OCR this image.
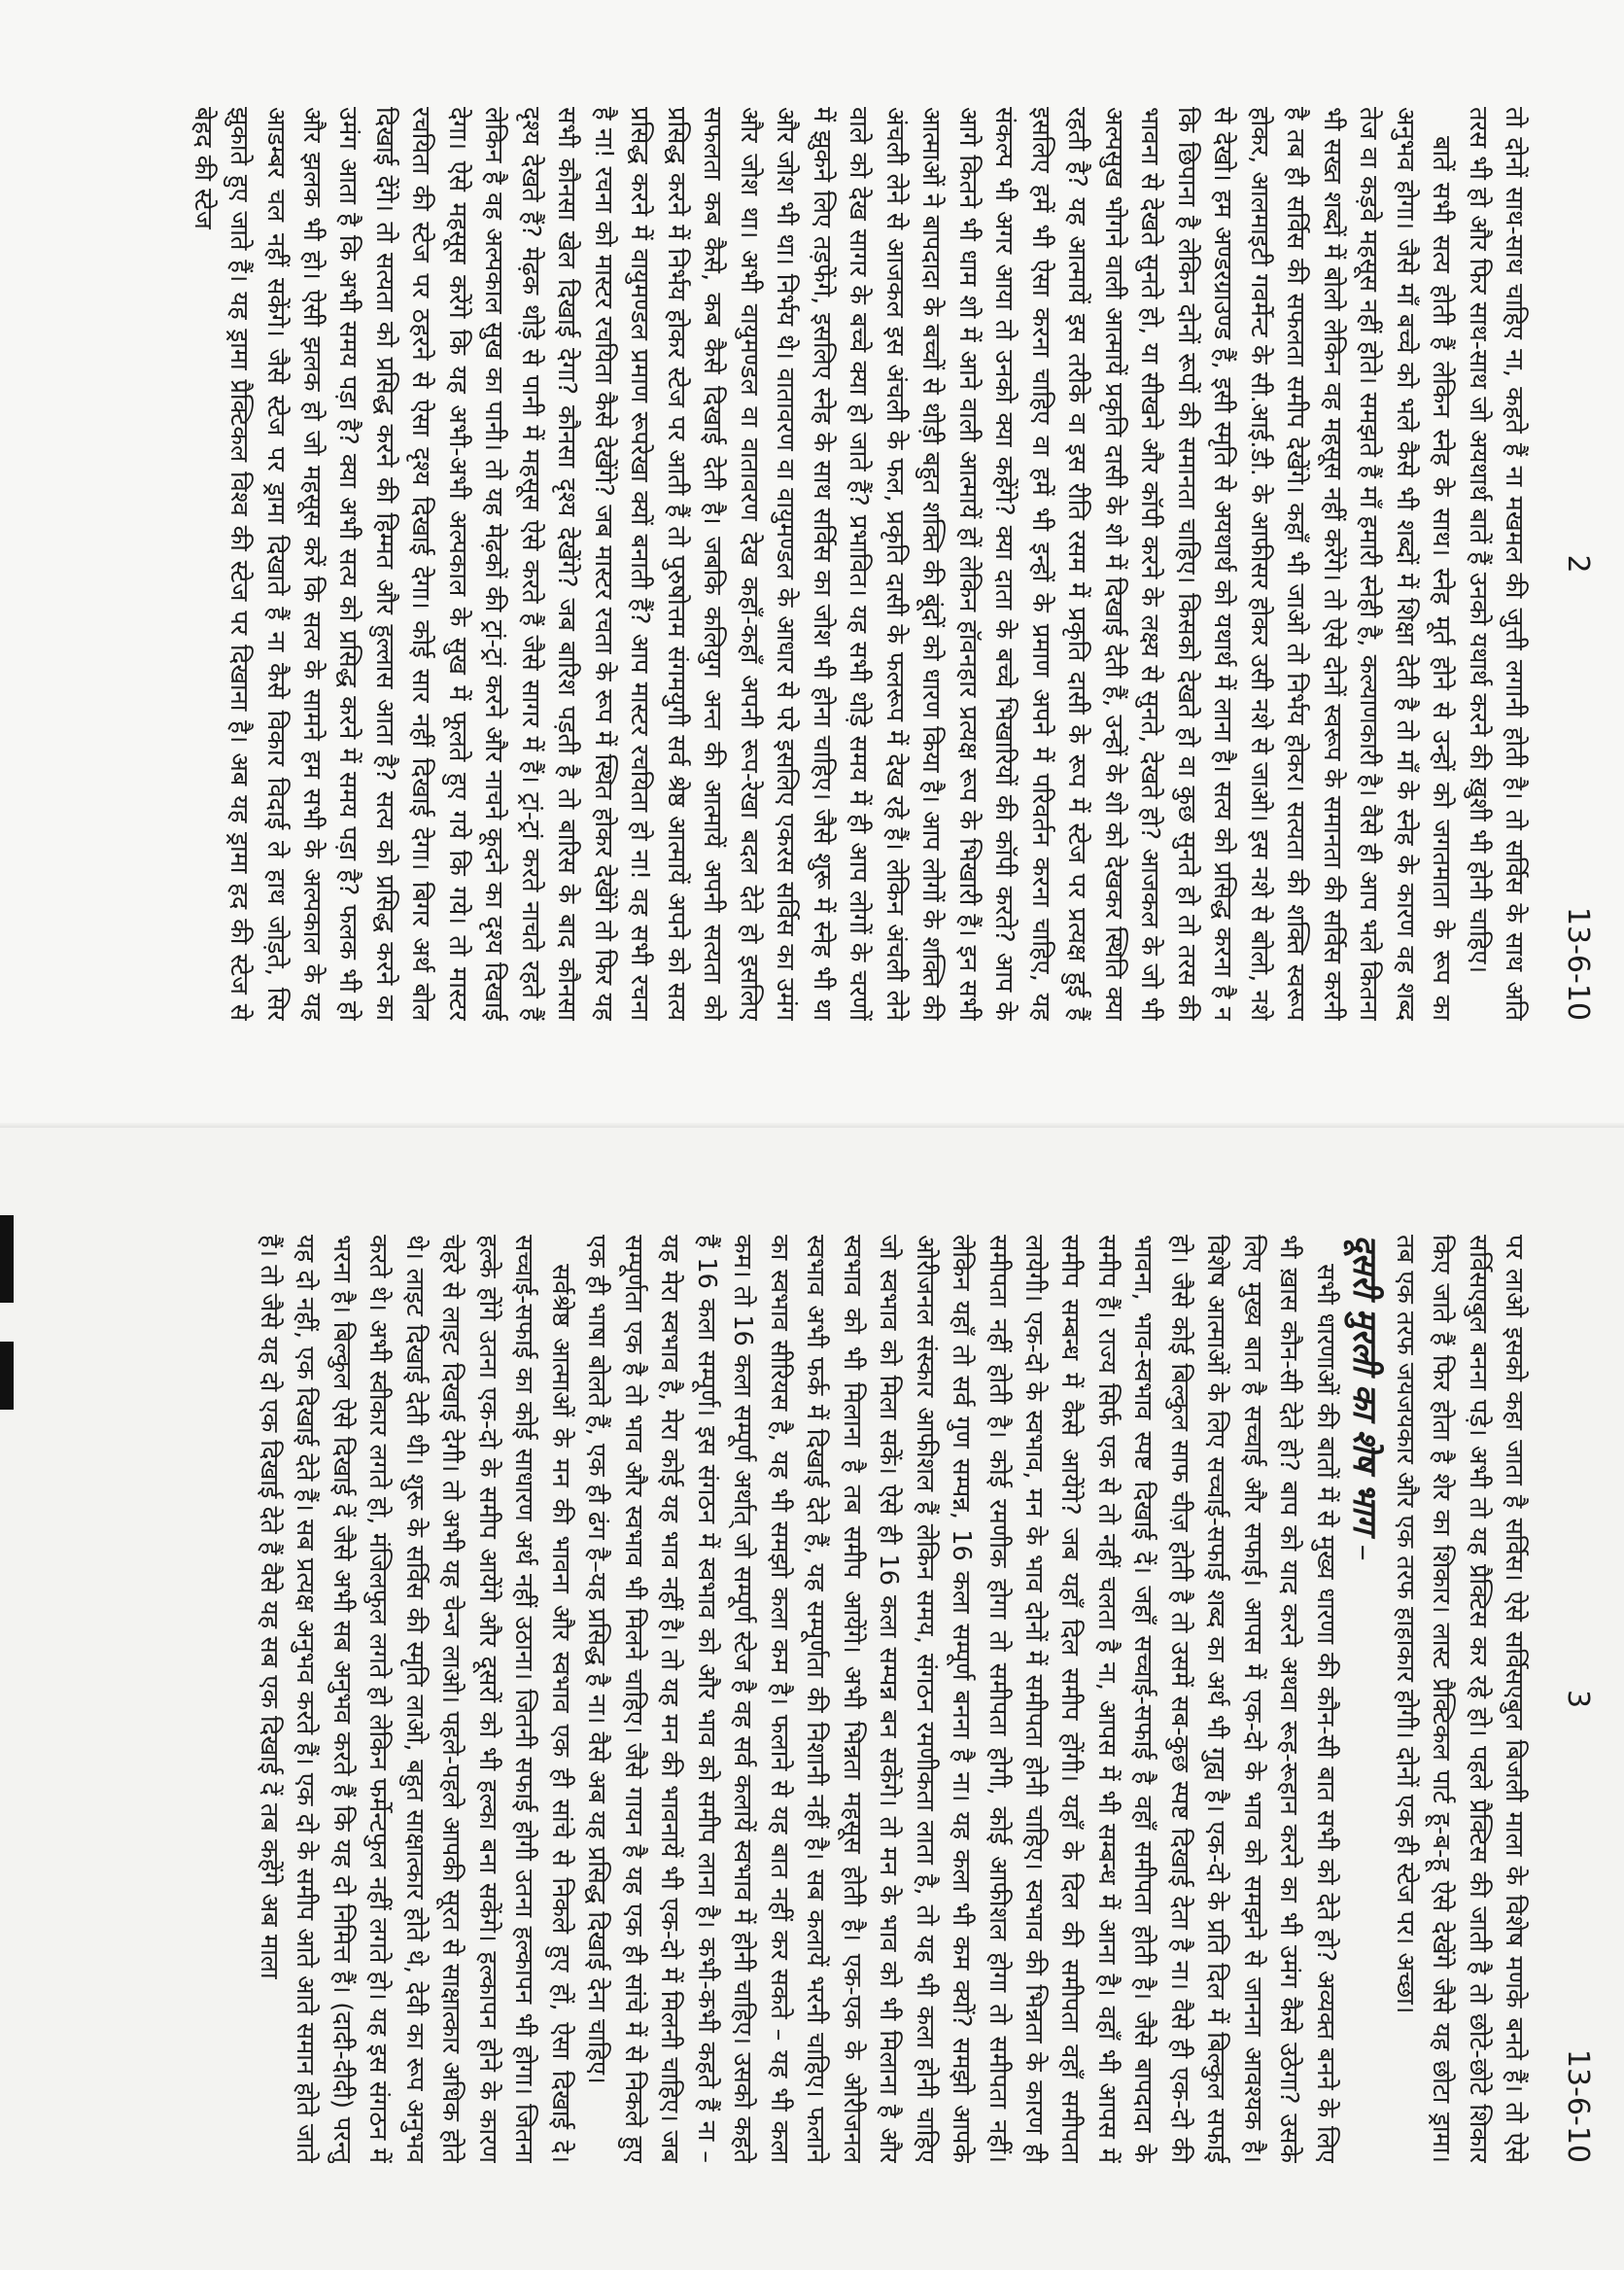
2
13-6-10

तो दोनों साथ-साथ चाहिए ना, कहते हैं ना मखमल की जुत्ती लगानी होती है। तो सर्विस के साथ अति तरस भी हो और फिर साथ-साथ जो अयथार्थ बातें हैं उनको यथार्थ करने की ख़ुशी भी होनी चाहिए।

बातें सभी सत्य होती हैं लेकिन स्नेह के साथ। स्नेह मूर्त होने से उन्हों को जगतमाता के रूप का अनुभव होगा। जैसे माँ बच्चे को भले कैसे भी शब्दों में शिक्षा देती है तो माँ के स्नेह के कारण वह शब्द तेज वा कड़वे महसूस नहीं होते। समझते हैं माँ हमारी स्नेही है, कल्याणकारी है। वैसे ही आप भले कितना भी सख्त शब्दों में बोलो लेकिन वह महसूस नहीं करेंगे। तो ऐसे दोनों स्वरूप के समानता की सर्विस करनी है तब ही सर्विस की सफलता समीप देखेंगे। कहाँ भी जाओ तो निर्भय होकर। सत्यता की शक्ति स्वरूप होकर, आलमाइटी गवर्मेन्ट के सी.आई.डी. के आफीसर होकर उसी नशे से जाओ। इस नशे से बोलो, नशे से देखो। हम अण्डरग्राउण्ड हैं, इसी स्मृति से अयथार्थ को यथार्थ में लाना है। सत्य को प्रसिद्ध करना है न कि छिपाना है लेकिन दोनों रूपों की समानता चाहिए। किसको देखते हो वा कुछ सुनते हो तो तरस की भावना से देखते सुनते हो, या सीखने और कॉपी करने के लक्ष्य से सुनते, देखते हो? आजकल के जो भी अल्पसुख भोगने वाली आत्मायें प्रकृति दासी के शो में दिखाई देती हैं, उन्हों के शो को देखकर स्थिति क्या रहती है? यह आत्मायें इस तरीके वा इस रीति रसम में प्रकृति दासी के रूप में स्टेज पर प्रत्यक्ष हुई हैं इसलिए हमें भी ऐसा करना चाहिए वा हमें भी इन्हों के प्रमाण अपने में परिवर्तन करना चाहिए, यह संकल्प भी अगर आया तो उनको क्या कहेंगे? क्या दाता के बच्चे भिखारियों की कॉपी करते? आप के आगे कितने भी धाम शो में आने वाली आत्मायें हों लेकिन हॉवनहार प्रत्यक्ष रूप के भिखारी हैं। इन सभी आत्माओं ने बापदादा के बच्चों से थोड़ी बहुत शक्ति की बूंदों को धारण किया है। आप लोगों के शक्ति की अंचली लेने से आजकल इस अंचली के फल, प्रकृति दासी के फलरूप में देख रहे हैं। लेकिन अंचली लेने वाले को देख सागर के बच्चे क्या हो जाते हैं? प्रभावित। यह सभी थोड़े समय में ही आप लोगों के चरणों में झुकने लिए तड़फेंगे, इसलिए स्नेह के साथ सर्विस का जोश भी होना चाहिए। जैसे शुरू में स्नेह भी था और जोश भी था। निर्भय थे। वातावरण वा वायुमण्डल के आधार से परे इसलिए एकरस सर्विस का उमंग और जोश था। अभी वायुमण्डल वा वातावरण देख कहाँ-कहाँ अपनी रूप-रेखा बदल देते हो इसलिए सफलता कब कैसे, कब कैसे दिखाई देती है। जबकि कलियुग अन्त की आत्मायें अपनी सत्यता को प्रसिद्ध करने में निर्भय होकर स्टेज पर आती हैं तो पुरुषोत्तम संगमयुगी सर्व श्रेष्ठ आत्मायें अपने को सत्य प्रसिद्ध करने में वायुमण्डल प्रमाण रूपरेखा क्यों बनाती हैं? आप मास्टर रचयिता हो ना! वह सभी रचना है ना! रचना को मास्टर रचयिता कैसे देखेंगे? जब मास्टर रचता के रूप में स्थित होकर देखेंगे तो फिर यह सभी कौनसा खेल दिखाई देगा? कौनसा दृश्य देखेंगे? जब बारिश पड़ती है तो बारिस के बाद कौनसा दृश्य देखते हैं? मेढ़क थोड़े से पानी में महसूस ऐसे करते हैं जैसे सागर में हैं। ट्रां-ट्रां करते नाचते रहते हैं लेकिन है वह अल्पकाल सुख का पानी। तो यह मेढ़कों की ट्रां-ट्रां करने और नाचने कूदने का दृश्य दिखाई देगा। ऐसे महसूस करेंगे कि यह अभी-अभी अल्पकाल के सुख में फूलते हुए गये कि गये। तो मास्टर रचयिता की स्टेज पर ठहरने से ऐसा दृश्य दिखाई देगा। कोई सार नहीं दिखाई देगा। बिगर अर्थ बोल दिखाई देंगे। तो सत्यता को प्रसिद्ध करने की हिम्मत और हुल्लास आता है? सत्य को प्रसिद्ध करने का उमंग आता है कि अभी समय पड़ा है? क्या अभी सत्य को प्रसिद्ध करने में समय पड़ा है? फलक भी हो और झलक भी हो। ऐसी झलक हो जो महसूस करें कि सत्य के सामने हम सभी के अल्पकाल के यह आडम्बर चल नहीं सकेंगे। जैसे स्टेज पर ड्रामा दिखाते हैं ना कैसे विकार विदाई ले हाथ जोड़ते, सिर झुकाते हुए जाते हैं। यह ड्रामा प्रैक्टिकल विश्व की स्टेज पर दिखाना है। अब यह ड्रामा हद की स्टेज से बेहद की स्टेज

3
13-6-10

पर लाओ इसको कहा जाता है सर्विस। ऐसे सर्विसएबुल बिजली माला के विशेष मणके बनते हैं। तो ऐसे सर्विसएबुल बनना पड़े। अभी तो यह प्रैक्टिस कर रहे हो। पहले प्रैक्टिस की जाती है तो छोटे-छोटे शिकार किए जाते हैं फिर होता है शेर का शिकार। लास्ट प्रैक्टिकल पार्ट हू-ब-हू ऐसे देखेंगे जैसे यह छोटा ड्रामा। तब एक तरफ जयजयकार और एक तरफ हाहाकार होगी। दोनों एक ही स्टेज पर। अच्छा।

दूसरी मुरली का शेष भाग –

सभी धारणाओं की बातों में से मुख्य धारणा की कौन-सी बात सभी को देते हो? अव्यक्त बनने के लिए भी ख़ास कौन-सी देते हो? बाप को याद करने अथवा रूह-रूहान करने का भी उमंग कैसे उठेगा? उसके लिए मुख्य बात है सच्चाई और सफाई। आपस में एक-दो के भाव को समझने से जानना आवश्यक है। विशेष आत्माओं के लिए सच्चाई-सफाई शब्द का अर्थ भी गुह्य है। एक-दो के प्रति दिल में बिल्कुल सफाई हो। जैसे कोई बिल्कुल साफ चीज़ होती है तो उसमें सब-कुछ स्पष्ट दिखाई देता है ना। वैसे ही एक-दो की भावना, भाव-स्वभाव स्पष्ट दिखाई दें। जहाँ सच्चाई-सफाई है वहाँ समीपता होती है। जैसे बापदादा के समीप हैं। राज्य सिर्फ एक से तो नहीं चलता है ना, आपस में भी सम्बन्ध में आना है। वहाँ भी आपस में समीप सम्बन्ध में कैसे आयेंगे? जब यहाँ दिल समीप होंगी। यहाँ के दिल की समीपता वहाँ समीपता लायेगी। एक-दो के स्वभाव, मन के भाव दोनों में समीपता होनी चाहिए। स्वभाव की भिन्नता के कारण ही समीपता नहीं होती है। कोई रमणीक होगा तो समीपता होगी, कोई आफीशल होगा तो समीपता नहीं। लेकिन यहाँ तो सर्व गुण सम्पन्न, 16 कला सम्पूर्ण बनना है ना। यह कला भी कम क्यों? समझो आपके ओरीजनल संस्कार आफीशल हैं लेकिन समय, संगठन रमणीकता लाता है, तो यह भी कला होनी चाहिए जो स्वभाव को मिला सकें। ऐसे ही 16 कला सम्पन्न बन सकेंगे। तो मन के भाव को भी मिलाना है और स्वभाव को भी मिलाना है तब समीप आयेंगे। अभी भिन्नता महसूस होती है। एक-एक के ओरीजनल स्वभाव अभी फर्क में दिखाई देते हैं, यह सम्पूर्णता की निशानी नहीं है। सब कलायें भरनी चाहिए। फलाने का स्वभाव सीरियस है, यह भी समझो कला कम है। फलाने से यह बात नहीं कर सकते – यह भी कला कम। तो 16 कला सम्पूर्ण अर्थात् जो सम्पूर्ण स्टेज है वह सर्व कलायें स्वभाव में होनी चाहिए। उसको कहते हैं 16 कला सम्पूर्ण। इस संगठन में स्वभाव को और भाव को समीप लाना है। कभी-कभी कहते हैं ना – यह मेरा स्वभाव है, मेरा कोई यह भाव नहीं है। तो यह मन की भावनायें भी एक-दो में मिलनी चाहिए। जब सम्पूर्णता एक है तो भाव और स्वभाव भी मिलने चाहिए। जैसे गायन है यह एक ही सांचे में से निकले हुए एक ही भाषा बोलते हैं, एक ही ढंग है–यह प्रसिद्ध है ना। वैसे अब यह प्रसिद्ध दिखाई देना चाहिए।

सर्वश्रेष्ठ आत्माओं के मन की भावना और स्वभाव एक ही सांचे से निकले हुए हों, ऐसा दिखाई दे। सच्चाई-सफाई का कोई साधारण अर्थ नहीं उठाना। जितनी सफाई होगी उतना हल्कापन भी होगा। जितना हल्के होंगे उतना एक-दो के समीप आयेंगे और दूसरों को भी हल्का बना सकेंगे। हल्कापन होने के कारण चेहरे से लाइट दिखाई देगी। तो अभी यह चेन्ज लाओ। पहले-पहले आपकी सूरत से साक्षात्कार अधिक होते थे। लाइट दिखाई देती थी। शुरू के सर्विस की स्मृति लाओ, बहुत साक्षात्कार होते थे, देवी का रूप अनुभव करते थे। अभी स्वीकार लगते हो, मंजिलफुल लगते हो लेकिन फर्मेन्टफुल नहीं लगते हो। यह इस संगठन में भरना है। बिल्कुल ऐसे दिखाई दें जैसे अभी सब अनुभव करते हैं कि यह दो निमित्त हैं। (दादी-दीदी) परन्तु यह दो नहीं, एक दिखाई देते हैं। सब प्रत्यक्ष अनुभव करते हैं। एक दो के समीप आते आते समान होते जाते हैं। तो जैसे यह दो एक दिखाई देते हैं वैसे यह सब एक दिखाई दें तब कहेंगे अब माला
